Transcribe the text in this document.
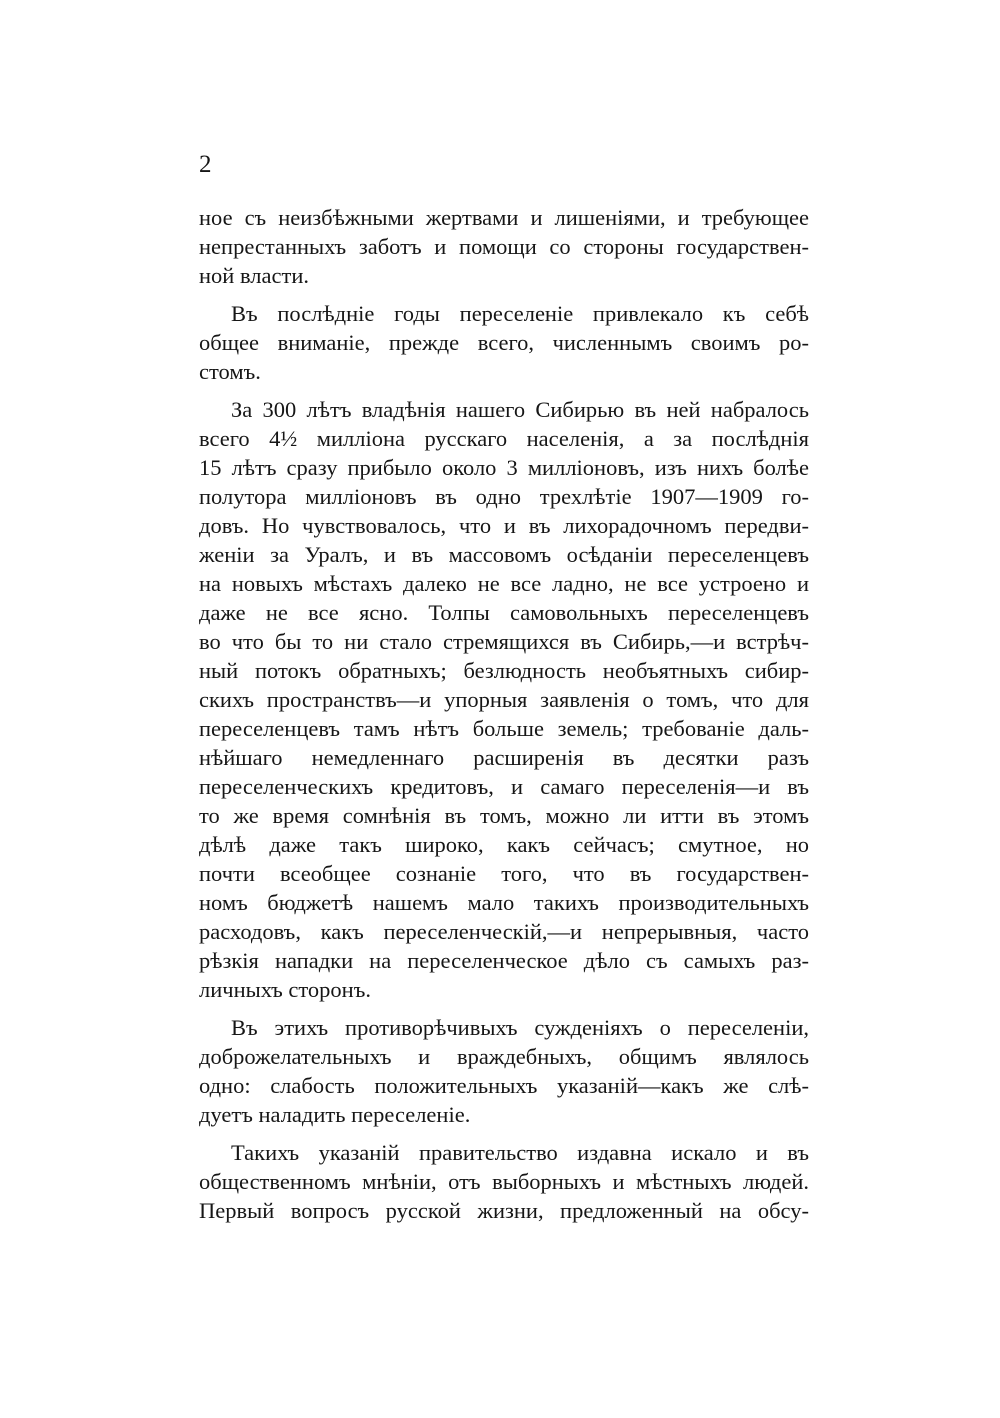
2
ное съ неизбѣжными жертвами и лишеніями, и требующее
непрестанныхъ заботъ и помощи со стороны государствен-
ной власти.
Въ послѣдніе годы переселеніе привлекало къ себѣ
общее вниманіе, прежде всего, численнымъ своимъ ро-
стомъ.
За 300 лѣтъ владѣнія нашего Сибирью въ ней набралось
всего 4½ милліона русскаго населенія, а за послѣднія
15 лѣтъ сразу прибыло около 3 милліоновъ, изъ нихъ болѣе
полутора милліоновъ въ одно трехлѣтіе 1907—1909 го-
довъ. Но чувствовалось, что и въ лихорадочномъ передви-
женіи за Уралъ, и въ массовомъ осѣданіи переселенцевъ
на новыхъ мѣстахъ далеко не все ладно, не все устроено и
даже не все ясно. Толпы самовольныхъ переселенцевъ
во что бы то ни стало стремящихся въ Сибирь,—и встрѣч-
ный потокъ обратныхъ; безлюдность необъятныхъ сибир-
скихъ пространствъ—и упорныя заявленія о томъ, что для
переселенцевъ тамъ нѣтъ больше земель; требованіе даль-
нѣйшаго немедленнаго расширенія въ десятки разъ
переселенческихъ кредитовъ, и самаго переселенія—и въ
то же время сомнѣнія въ томъ, можно ли итти въ этомъ
дѣлѣ даже такъ широко, какъ сейчасъ; смутное, но
почти всеобщее сознаніе того, что въ государствен-
номъ бюджетѣ нашемъ мало такихъ производительныхъ
расходовъ, какъ переселенческій,—и непрерывныя, часто
рѣзкія нападки на переселенческое дѣло съ самыхъ раз-
личныхъ сторонъ.
Въ этихъ противорѣчивыхъ сужденіяхъ о переселеніи,
доброжелательныхъ и враждебныхъ, общимъ являлось
одно: слабость положительныхъ указаній—какъ же слѣ-
дуетъ наладить переселеніе.
Такихъ указаній правительство издавна искало и въ
общественномъ мнѣніи, отъ выборныхъ и мѣстныхъ людей.
Первый вопросъ русской жизни, предложенный на обсу-
